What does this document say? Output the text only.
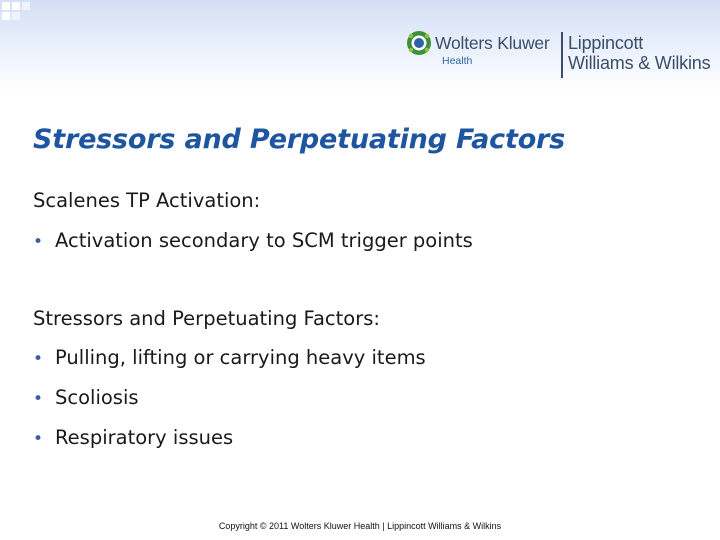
Wolters Kluwer
Health
Lippincott
Williams & Wilkins
Stressors and Perpetuating Factors
Scalenes TP Activation:
• Activation secondary to SCM trigger points
Stressors and Perpetuating Factors:
• Pulling, lifting or carrying heavy items
• Scoliosis
• Respiratory issues
Copyright © 2011 Wolters Kluwer Health | Lippincott Williams & Wilkins
